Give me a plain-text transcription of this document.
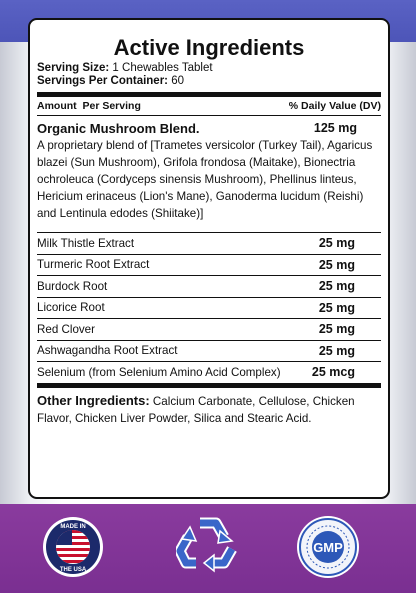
Active Ingredients
Serving Size: 1 Chewables Tablet
Servings Per Container: 60
Amount  Per Serving	% Daily Value (DV)
Organic Mushroom Blend.	125 mg
A proprietary blend of [Trametes versicolor (Turkey Tail), Agaricus blazei (Sun Mushroom), Grifola frondosa (Maitake), Bionectria ochroleuca (Cordyceps sinensis Mushroom), Phellinus linteus, Hericium erinaceus (Lion's Mane), Ganoderma lucidum (Reishi) and Lentinula edodes (Shiitake)]
Milk Thistle Extract	25 mg
Turmeric Root Extract	25 mg
Burdock Root	25 mg
Licorice Root	25 mg
Red Clover	25 mg
Ashwagandha Root Extract	25 mg
Selenium (from Selenium Amino Acid Complex)	25 mcg
Other Ingredients: Calcium Carbonate, Cellulose, Chicken Flavor, Chicken Liver Powder, Silica and Stearic Acid.
MADE IN
THE USA
GMP
